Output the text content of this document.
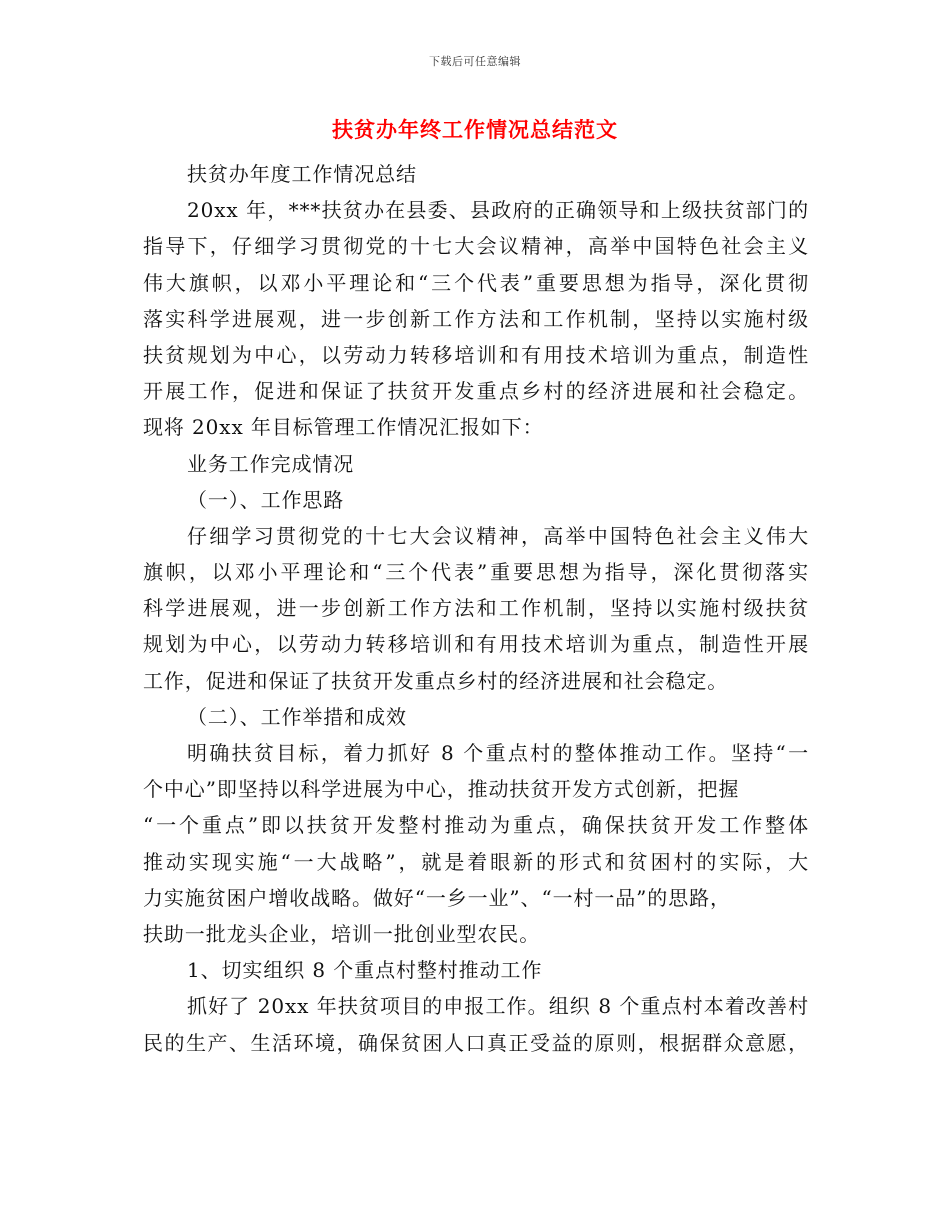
下载后可任意编辑
扶贫办年终工作情况总结范文
扶贫办年度工作情况总结
20xx 年，***扶贫办在县委、县政府的正确领导和上级扶贫部门的
指导下，仔细学习贯彻党的十七大会议精神，高举中国特色社会主义
伟大旗帜，以邓小平理论和“三个代表”重要思想为指导，深化贯彻
落实科学进展观，进一步创新工作方法和工作机制，坚持以实施村级
扶贫规划为中心，以劳动力转移培训和有用技术培训为重点，制造性
开展工作，促进和保证了扶贫开发重点乡村的经济进展和社会稳定。
现将 20xx 年目标管理工作情况汇报如下：
业务工作完成情况
（一）、工作思路
仔细学习贯彻党的十七大会议精神，高举中国特色社会主义伟大
旗帜，以邓小平理论和“三个代表”重要思想为指导，深化贯彻落实
科学进展观，进一步创新工作方法和工作机制，坚持以实施村级扶贫
规划为中心，以劳动力转移培训和有用技术培训为重点，制造性开展
工作，促进和保证了扶贫开发重点乡村的经济进展和社会稳定。
（二）、工作举措和成效
明确扶贫目标，着力抓好 8 个重点村的整体推动工作。坚持“一
个中心”即坚持以科学进展为中心，推动扶贫开发方式创新，把握
“一个重点”即以扶贫开发整村推动为重点，确保扶贫开发工作整体
推动实现实施“一大战略”，就是着眼新的形式和贫困村的实际，大
力实施贫困户增收战略。做好“一乡一业”、“一村一品”的思路，
扶助一批龙头企业，培训一批创业型农民。
1、切实组织 8 个重点村整村推动工作
抓好了 20xx 年扶贫项目的申报工作。组织 8 个重点村本着改善村
民的生产、生活环境，确保贫困人口真正受益的原则，根据群众意愿，
